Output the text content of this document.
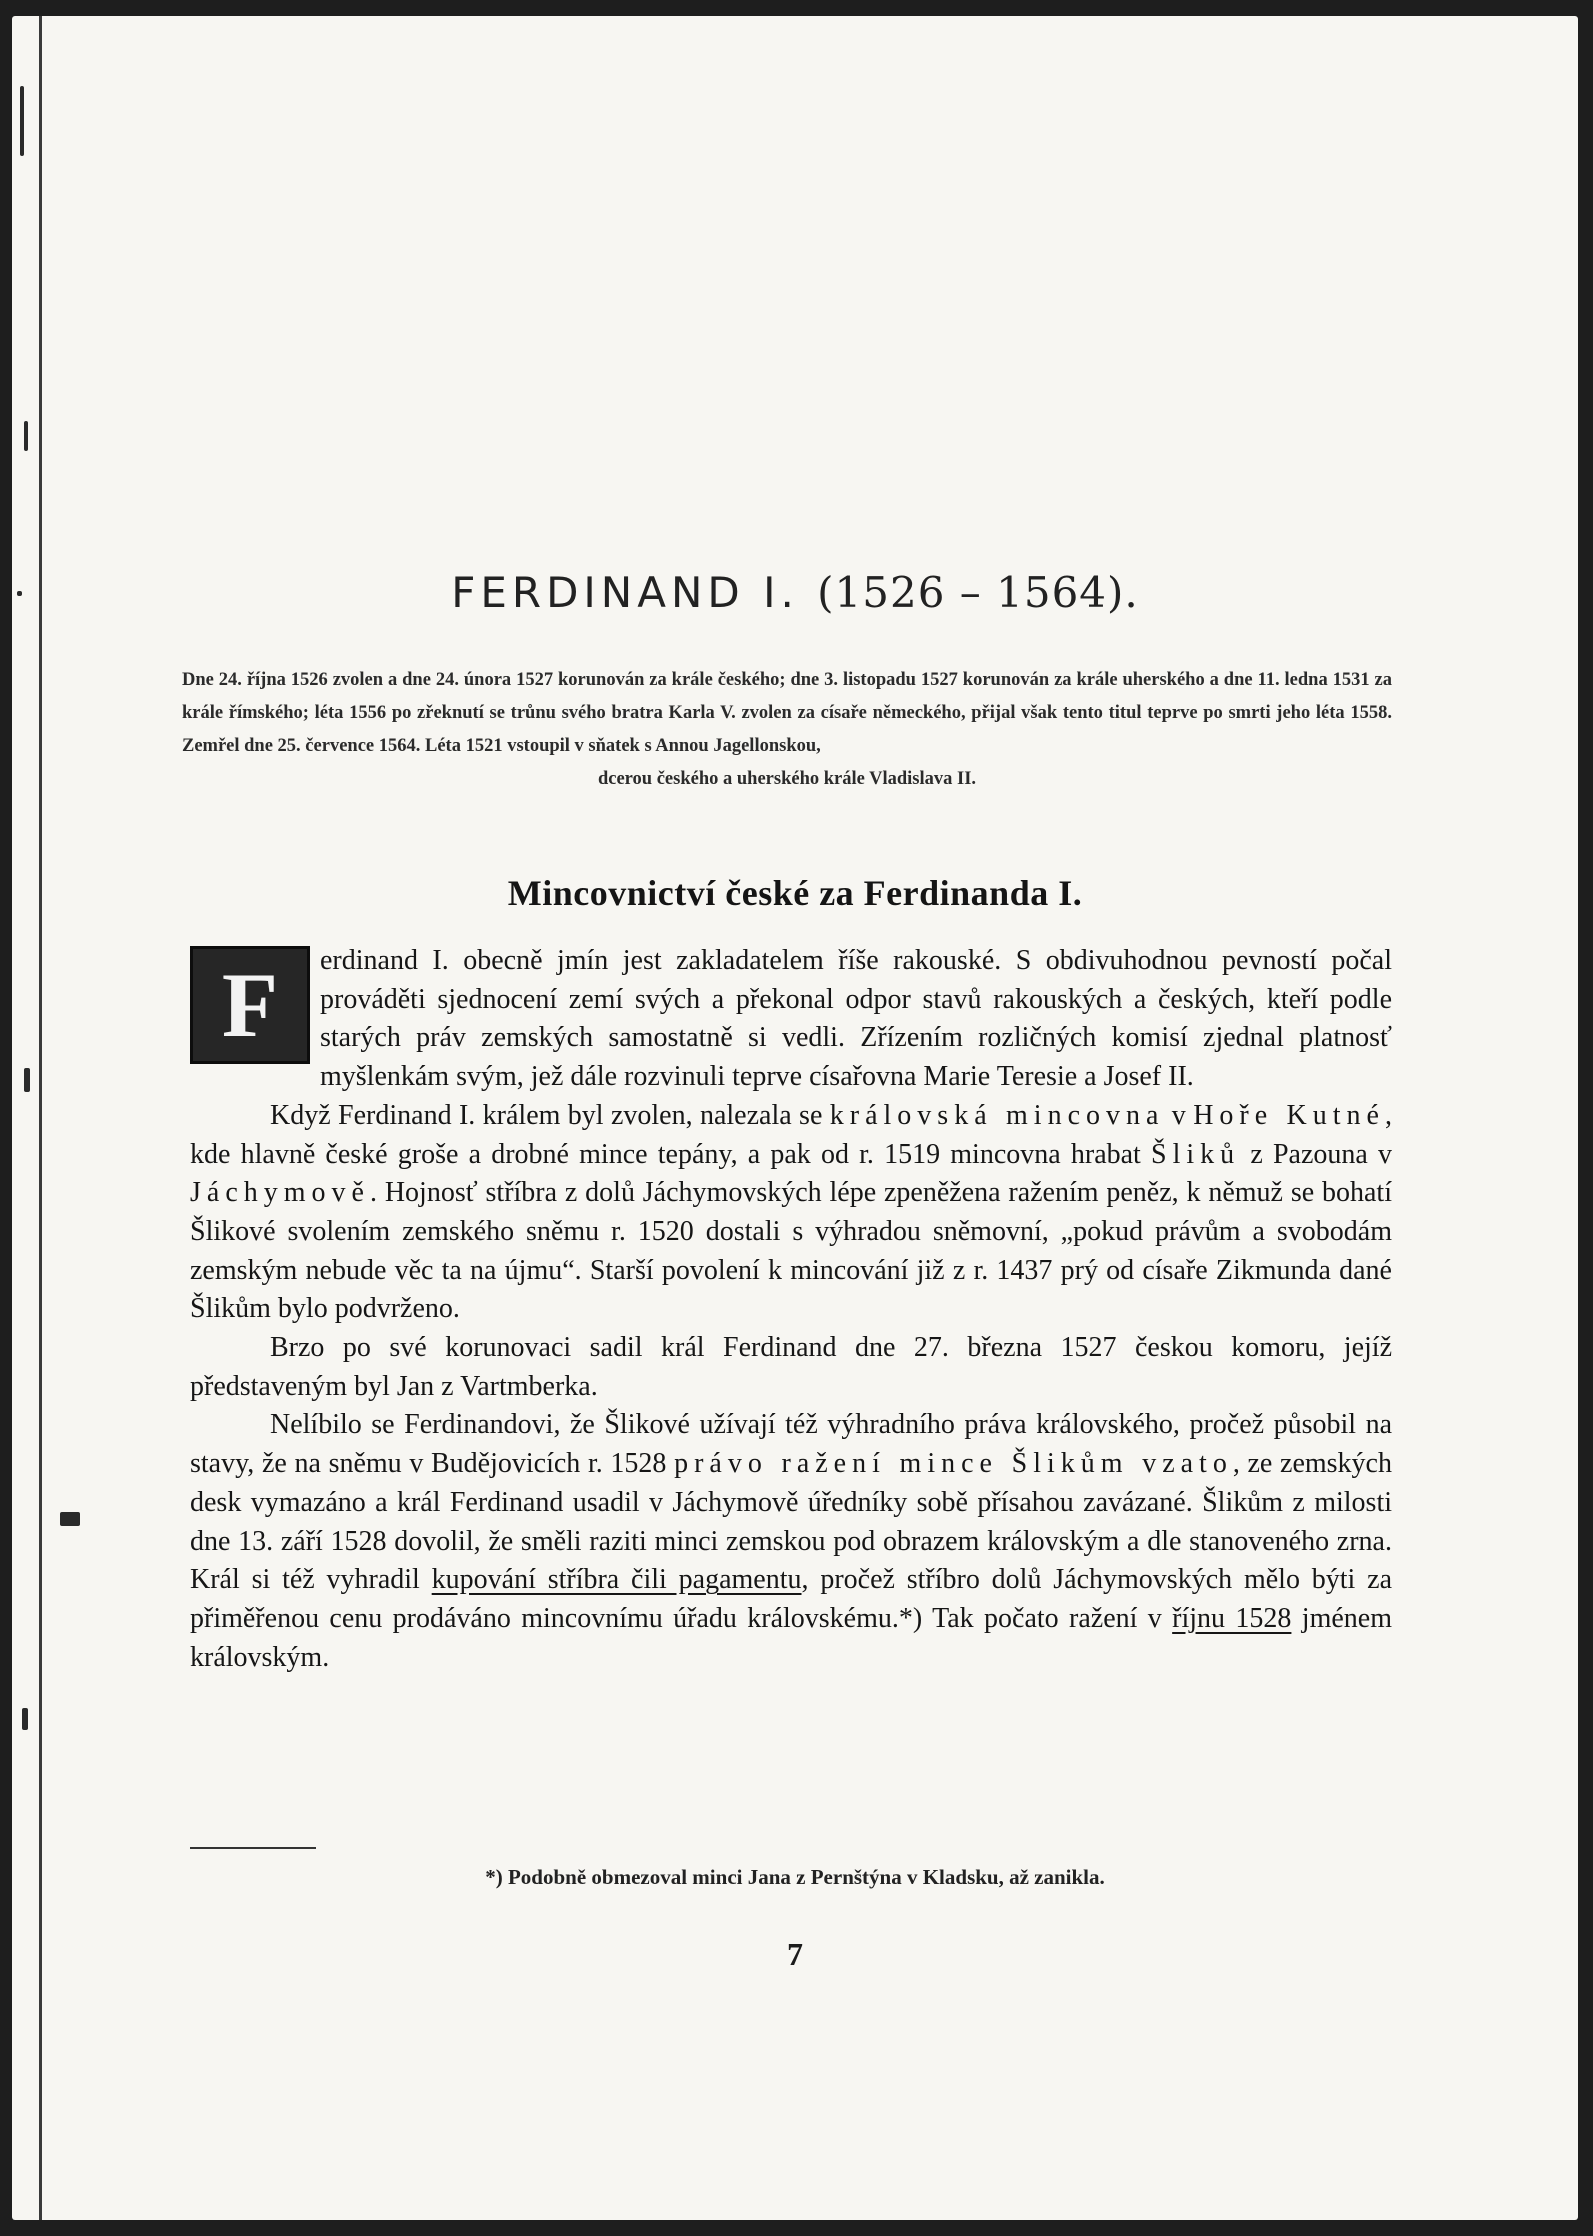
FERDINAND I. (1526 – 1564).
Dne 24. října 1526 zvolen a dne 24. února 1527 korunován za krále českého; dne 3. listopadu 1527 korunován za krále uherského a dne 11. ledna 1531 za krále římského; léta 1556 po zřeknutí se trůnu svého bratra Karla V. zvolen za císaře německého, přijal však tento titul teprve po smrti jeho léta 1558. Zemřel dne 25. července 1564. Léta 1521 vstoupil v sňatek s Annou Jagellonskou,
dcerou českého a uherského krále Vladislava II.
Mincovnictví české za Ferdinanda I.
F	erdinand I. obecně jmín jest zakladatelem říše rakouské. S obdivuhodnou pevností počal prováděti sjednocení zemí svých a překonal odpor stavů rakouských a českých, kteří podle starých práv zemských samostatně si vedli. Zřízením rozličných komisí zjednal platnosť myšlenkám svým, jež dále rozvinuli teprve císařovna Marie Teresie a Josef II.

Když Ferdinand I. králem byl zvolen, nalezala se královská mincovna v Hoře Kutné, kde hlavně české groše a drobné mince tepány, a pak od r. 1519 mincovna hrabat Šliků z Pazouna v Jáchymově. Hojnosť stříbra z dolů Jáchymovských lépe zpeněžena ražením peněz, k němuž se bohatí Šlikové svolením zemského sněmu r. 1520 dostali s výhradou sněmovní, „pokud právům a svobodám zemským nebude věc ta na újmu“. Starší povolení k mincování již z r. 1437 prý od císaře Zikmunda dané Šlikům bylo podvrženo.

Brzo po své korunovaci sadil král Ferdinand dne 27. března 1527 českou komoru, jejíž představeným byl Jan z Vartmberka.

Nelíbilo se Ferdinandovi, že Šlikové užívají též výhradního práva královského, pročež působil na stavy, že na sněmu v Budějovicích r. 1528 právo ražení mince Šlikům vzato, ze zemských desk vymazáno a král Ferdinand usadil v Jáchymově úředníky sobě přísahou zavázané. Šlikům z milosti dne 13. září 1528 dovolil, že směli raziti minci zemskou pod obrazem královským a dle stanoveného zrna. Král si též vyhradil kupování stříbra čili pagamentu, pročež stříbro dolů Jáchymovských mělo býti za přiměřenou cenu prodáváno mincovnímu úřadu královskému.*) Tak počato ražení v říjnu 1528 jménem královským.

*) Podobně obmezoval minci Jana z Pernštýna v Kladsku, až zanikla.
7
